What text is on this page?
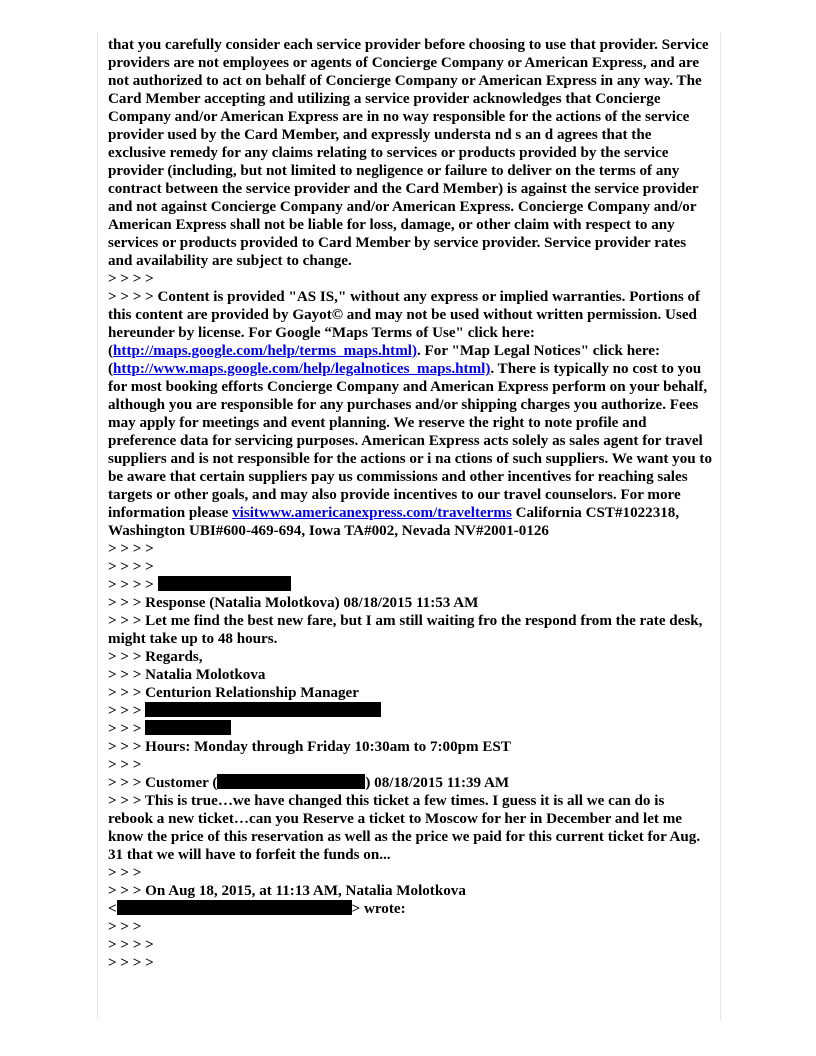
that you carefully consider each service provider before choosing to use that provider. Service providers are not employees or agents of Concierge Company or American Express, and are not authorized to act on behalf of Concierge Company or American Express in any way. The Card Member accepting and utilizing a service provider acknowledges that Concierge Company and/or American Express are in no way responsible for the actions of the service provider used by the Card Member, and expressly understa nd s an d agrees that the exclusive remedy for any claims relating to services or products provided by the service provider (including, but not limited to negligence or failure to deliver on the terms of any contract between the service provider and the Card Member) is against the service provider and not against Concierge Company and/or American Express. Concierge Company and/or American Express shall not be liable for loss, damage, or other claim with respect to any services or products provided to Card Member by service provider. Service provider rates and availability are subject to change.

> > > >

> > > > Content is provided "AS IS," without any express or implied warranties. Portions of this content are provided by Gayot© and may not be used without written permission. Used hereunder by license. For Google “Maps Terms of Use" click here: (http://maps.google.com/help/terms_maps.html). For "Map Legal Notices" click here: (http://www.maps.google.com/help/legalnotices_maps.html). There is typically no cost to you for most booking efforts Concierge Company and American Express perform on your behalf, although you are responsible for any purchases and/or shipping charges you authorize. Fees may apply for meetings and event planning. We reserve the right to note profile and preference data for servicing purposes. American Express acts solely as sales agent for travel suppliers and is not responsible for the actions or i na ctions of such suppliers. We want you to be aware that certain suppliers pay us commissions and other incentives for reaching sales targets or other goals, and may also provide incentives to our travel counselors. For more information please visitwww.americanexpress.com/travelterms California CST#1022318, Washington UBI#600-469-694, Iowa TA#002, Nevada NV#2001-0126

> > > >

> > > >

> > > >

> > > Response (Natalia Molotkova) 08/18/2015 11:53 AM

> > > Let me find the best new fare, but I am still waiting fro the respond from the rate desk, might take up to 48 hours.

> > > Regards,

> > > Natalia Molotkova

> > > Centurion Relationship Manager

> > >

> > >

> > > Hours: Monday through Friday 10:30am to 7:00pm EST

> > >

> > > Customer (	) 08/18/2015 11:39 AM

> > > This is true…we have changed this ticket a few times. I guess it is all we can do is rebook a new ticket…can you Reserve a ticket to Moscow for her in December and let me know the price of this reservation as well as the price we paid for this current ticket for Aug. 31 that we will have to forfeit the funds on...

> > >

> > > On Aug 18, 2015, at 11:13 AM, Natalia Molotkova

<	> wrote:

> > >

> > > >

> > > >
